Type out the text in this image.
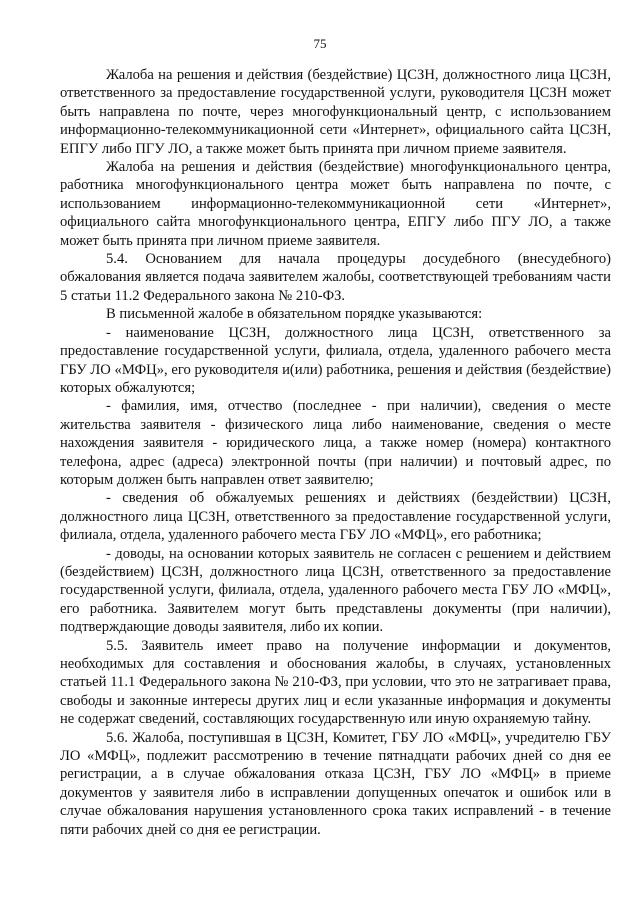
75

Жалоба на решения и действия (бездействие) ЦСЗН, должностного лица ЦСЗН, ответственного за предоставление государственной услуги, руководителя ЦСЗН может быть направлена по почте, через многофункциональный центр, с использованием информационно-телекоммуникационной сети «Интернет», официального сайта ЦСЗН, ЕПГУ либо ПГУ ЛО, а также может быть принята при личном приеме заявителя.

Жалоба на решения и действия (бездействие) многофункционального центра, работника многофункционального центра может быть направлена по почте, с использованием информационно-телекоммуникационной сети «Интернет», официального сайта многофункционального центра, ЕПГУ либо ПГУ ЛО, а также может быть принята при личном приеме заявителя.

5.4. Основанием для начала процедуры досудебного (внесудебного) обжалования является подача заявителем жалобы, соответствующей требованиям части 5 статьи 11.2 Федерального закона № 210-ФЗ.

В письменной жалобе в обязательном порядке указываются:

- наименование ЦСЗН, должностного лица ЦСЗН, ответственного за предоставление государственной услуги, филиала, отдела, удаленного рабочего места ГБУ ЛО «МФЦ», его руководителя и(или) работника, решения и действия (бездействие) которых обжалуются;

- фамилия, имя, отчество (последнее - при наличии), сведения о месте жительства заявителя - физического лица либо наименование, сведения о месте нахождения заявителя - юридического лица, а также номер (номера) контактного телефона, адрес (адреса) электронной почты (при наличии) и почтовый адрес, по которым должен быть направлен ответ заявителю;

- сведения об обжалуемых решениях и действиях (бездействии) ЦСЗН, должностного лица ЦСЗН, ответственного за предоставление государственной услуги, филиала, отдела, удаленного рабочего места ГБУ ЛО «МФЦ», его работника;

- доводы, на основании которых заявитель не согласен с решением и действием (бездействием) ЦСЗН, должностного лица ЦСЗН, ответственного за предоставление государственной услуги, филиала, отдела, удаленного рабочего места ГБУ ЛО «МФЦ», его работника. Заявителем могут быть представлены документы (при наличии), подтверждающие доводы заявителя, либо их копии.

5.5. Заявитель имеет право на получение информации и документов, необходимых для составления и обоснования жалобы, в случаях, установленных статьей 11.1 Федерального закона № 210-ФЗ, при условии, что это не затрагивает права, свободы и законные интересы других лиц и если указанные информация и документы не содержат сведений, составляющих государственную или иную охраняемую тайну.

5.6. Жалоба, поступившая в ЦСЗН, Комитет, ГБУ ЛО «МФЦ», учредителю ГБУ ЛО «МФЦ», подлежит рассмотрению в течение пятнадцати рабочих дней со дня ее регистрации, а в случае обжалования отказа ЦСЗН, ГБУ ЛО «МФЦ» в приеме документов у заявителя либо в исправлении допущенных опечаток и ошибок или в случае обжалования нарушения установленного срока таких исправлений - в течение пяти рабочих дней со дня ее регистрации.
